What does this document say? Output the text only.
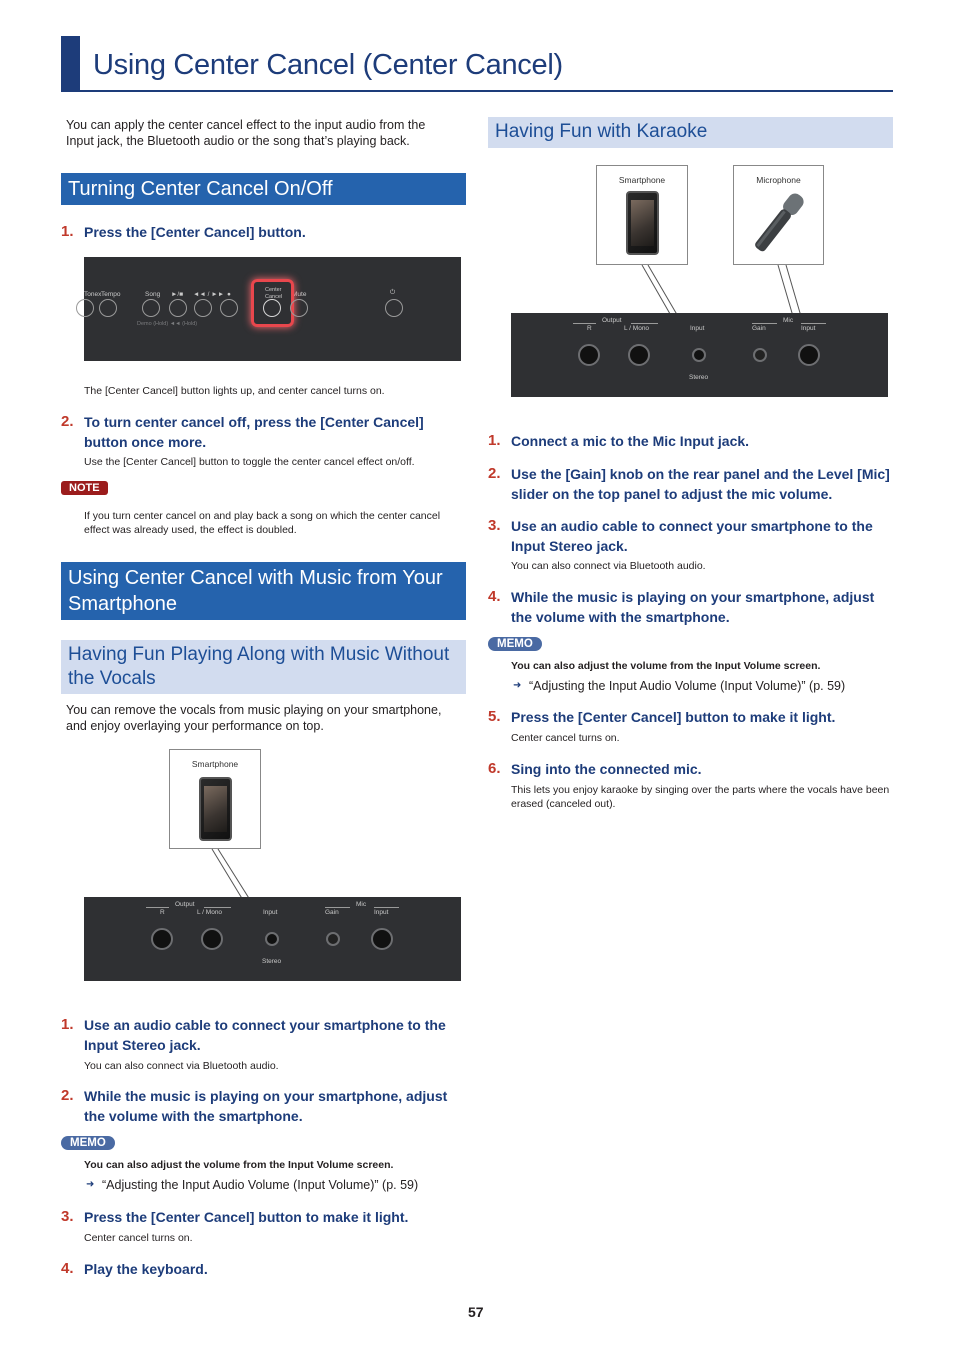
Using Center Cancel (Center Cancel)
You can apply the center cancel effect to the input audio from the Input jack, the Bluetooth audio or the song that’s playing back.
Turning Center Cancel On/Off
1. Press the [Center Cancel] button.
Tonex Tempo	Song ►/■ ◄◄ / ►► ●
Center Cancel	Mute	⏻
Demo (Hold) ◄◄ (Hold)
The [Center Cancel] button lights up, and center cancel turns on.
2. To turn center cancel off, press the [Center Cancel] button once more.
Use the [Center Cancel] button to toggle the center cancel effect on/off.
NOTE
If you turn center cancel on and play back a song on which the center cancel effect was already used, the effect is doubled.
Using Center Cancel with Music from Your Smartphone
Having Fun Playing Along with Music Without the Vocals
You can remove the vocals from music playing on your smartphone, and enjoy overlaying your performance on top.
Smartphone
Output
R	L / Mono	Input
Mic
Gain	Input
Stereo
1. Use an audio cable to connect your smartphone to the Input Stereo jack.
You can also connect via Bluetooth audio.
2. While the music is playing on your smartphone, adjust the volume with the smartphone.
MEMO
You can also adjust the volume from the Input Volume screen.
➜ “Adjusting the Input Audio Volume (Input Volume)” (p. 59)
3. Press the [Center Cancel] button to make it light.
Center cancel turns on.
4. Play the keyboard.
Having Fun with Karaoke
Smartphone	Microphone
Output
R	L / Mono	Input
Mic
Gain	Input
Stereo
1. Connect a mic to the Mic Input jack.
2. Use the [Gain] knob on the rear panel and the Level [Mic] slider on the top panel to adjust the mic volume.
3. Use an audio cable to connect your smartphone to the Input Stereo jack.
You can also connect via Bluetooth audio.
4. While the music is playing on your smartphone, adjust the volume with the smartphone.
MEMO
You can also adjust the volume from the Input Volume screen.
➜ “Adjusting the Input Audio Volume (Input Volume)” (p. 59)
5. Press the [Center Cancel] button to make it light.
Center cancel turns on.
6. Sing into the connected mic.
This lets you enjoy karaoke by singing over the parts where the vocals have been erased (canceled out).
57
